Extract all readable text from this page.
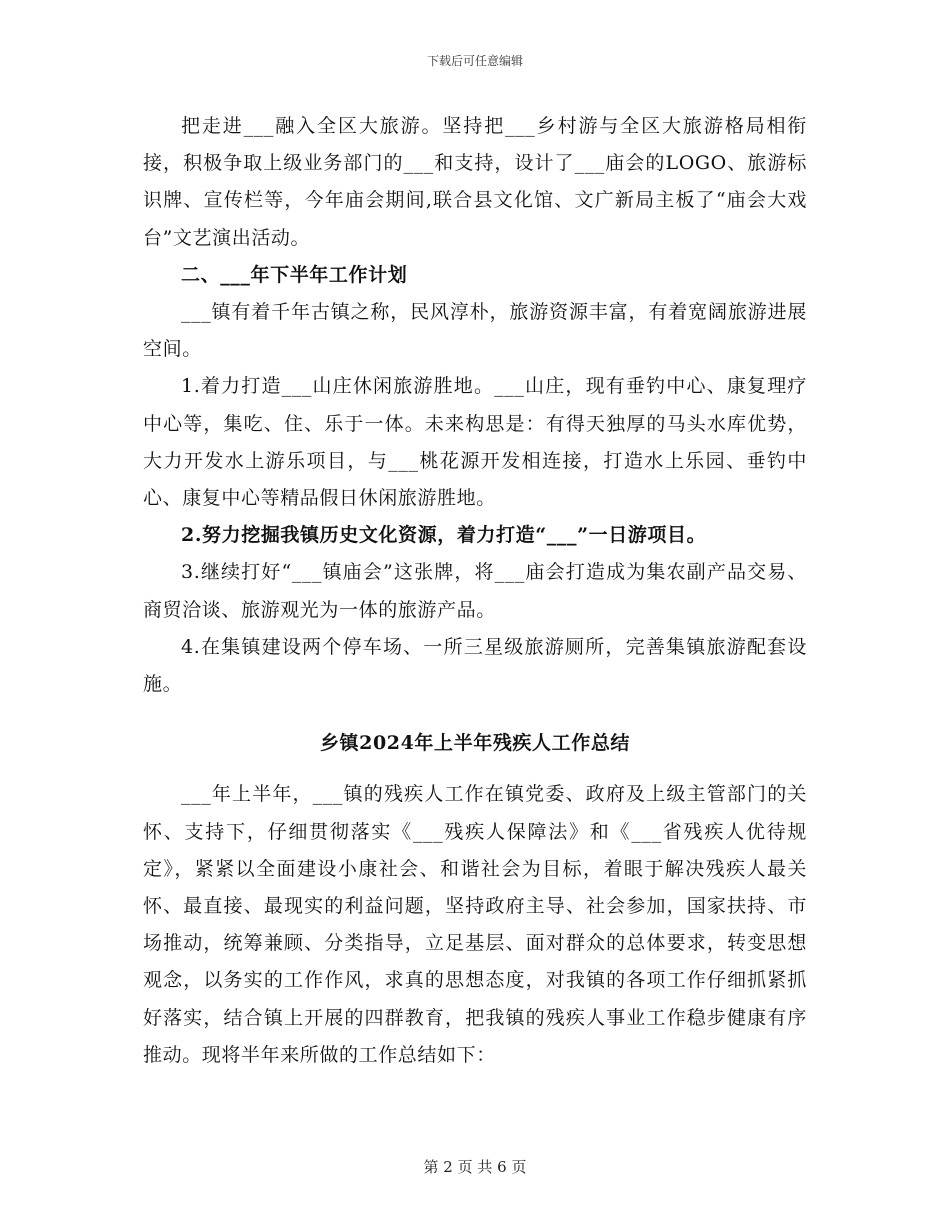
下载后可任意编辑

把走进___融入全区大旅游。坚持把___乡村游与全区大旅游格局相衔接，积极争取上级业务部门的___和支持，设计了___庙会的LOGO、旅游标识牌、宣传栏等，今年庙会期间,联合县文化馆、文广新局主板了“庙会大戏台”文艺演出活动。

二、___年下半年工作计划

___镇有着千年古镇之称，民风淳朴，旅游资源丰富，有着宽阔旅游进展空间。

1.着力打造___山庄休闲旅游胜地。___山庄，现有垂钓中心、康复理疗中心等，集吃、住、乐于一体。未来构思是：有得天独厚的马头水库优势，大力开发水上游乐项目，与___桃花源开发相连接，打造水上乐园、垂钓中心、康复中心等精品假日休闲旅游胜地。

2.努力挖掘我镇历史文化资源，着力打造“___”一日游项目。

3.继续打好“___镇庙会”这张牌，将___庙会打造成为集农副产品交易、商贸洽谈、旅游观光为一体的旅游产品。

4.在集镇建设两个停车场、一所三星级旅游厕所，完善集镇旅游配套设施。

乡镇2024年上半年残疾人工作总结

___年上半年，___镇的残疾人工作在镇党委、政府及上级主管部门的关怀、支持下，仔细贯彻落实《___残疾人保障法》和《___省残疾人优待规定》，紧紧以全面建设小康社会、和谐社会为目标，着眼于解决残疾人最关怀、最直接、最现实的利益问题，坚持政府主导、社会参加，国家扶持、市场推动，统筹兼顾、分类指导，立足基层、面对群众的总体要求，转变思想观念，以务实的工作作风，求真的思想态度，对我镇的各项工作仔细抓紧抓好落实，结合镇上开展的四群教育，把我镇的残疾人事业工作稳步健康有序推动。现将半年来所做的工作总结如下：

第 2 页 共 6 页
